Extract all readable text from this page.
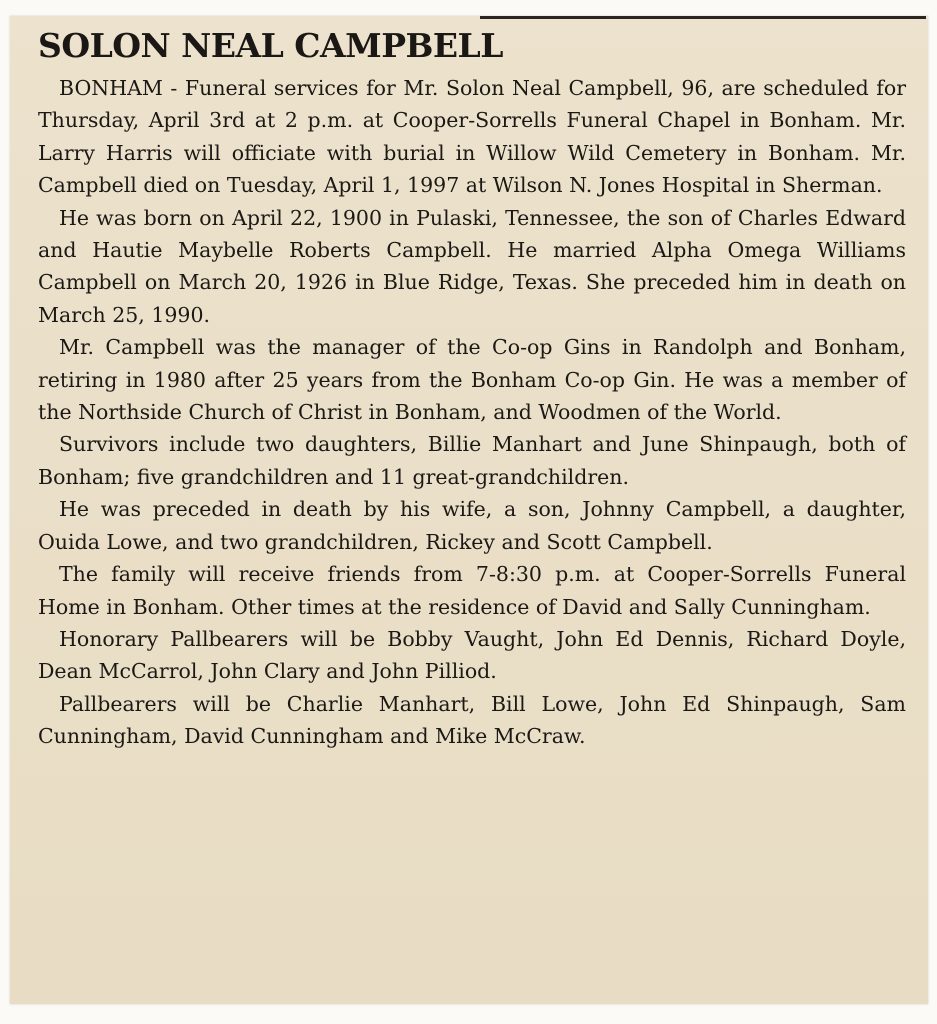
SOLON NEAL CAMPBELL

BONHAM - Funeral services for Mr. Solon Neal Campbell, 96, are scheduled for Thursday, April 3rd at 2 p.m. at Cooper-Sorrells Funeral Chapel in Bonham. Mr. Larry Harris will officiate with burial in Willow Wild Cemetery in Bonham. Mr. Campbell died on Tuesday, April 1, 1997 at Wilson N. Jones Hospital in Sherman.

He was born on April 22, 1900 in Pulaski, Tennessee, the son of Charles Edward and Hautie Maybelle Roberts Campbell. He married Alpha Omega Williams Campbell on March 20, 1926 in Blue Ridge, Texas. She preceded him in death on March 25, 1990.

Mr. Campbell was the manager of the Co-op Gins in Randolph and Bonham, retiring in 1980 after 25 years from the Bonham Co-op Gin. He was a member of the Northside Church of Christ in Bonham, and Woodmen of the World.

Survivors include two daughters, Billie Manhart and June Shinpaugh, both of Bonham; five grandchildren and 11 great-grandchildren.

He was preceded in death by his wife, a son, Johnny Campbell, a daughter, Ouida Lowe, and two grandchildren, Rickey and Scott Campbell.

The family will receive friends from 7-8:30 p.m. at Cooper-Sorrells Funeral Home in Bonham. Other times at the residence of David and Sally Cunningham.

Honorary Pallbearers will be Bobby Vaught, John Ed Dennis, Richard Doyle, Dean McCarrol, John Clary and John Pilliod.

Pallbearers will be Charlie Manhart, Bill Lowe, John Ed Shinpaugh, Sam Cunningham, David Cunningham and Mike McCraw.
